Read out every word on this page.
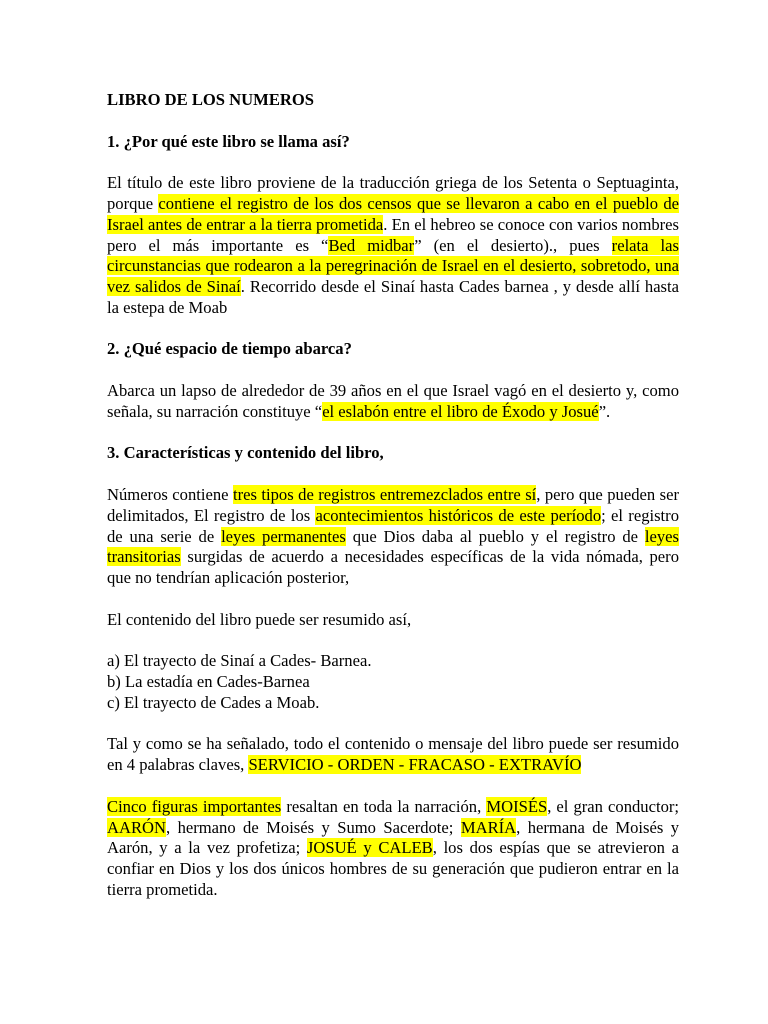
LIBRO DE LOS NUMEROS
1. ¿Por qué este libro se llama así?
El título de este libro proviene de la traducción griega de los Setenta o Septuaginta, porque contiene el registro de los dos censos que se llevaron a cabo en el pueblo de Israel antes de entrar a la tierra prometida. En el hebreo se conoce con varios nombres pero el más importante es “Bed midbar” (en el desierto)., pues relata las circunstancias que rodearon a la peregrinación de Israel en el desierto, sobretodo, una vez salidos de Sinaí. Recorrido desde el Sinaí hasta Cades barnea , y desde allí hasta la estepa de Moab
2. ¿Qué espacio de tiempo abarca?
Abarca un lapso de alrededor de 39 años en el que Israel vagó en el desierto y, como señala, su narración constituye “el eslabón entre el libro de Éxodo y Josué”.
3. Características y contenido del libro,
Números contiene tres tipos de registros entremezclados entre sí, pero que pueden ser delimitados, El registro de los acontecimientos históricos de este período; el registro de una serie de leyes permanentes que Dios daba al pueblo y el registro de leyes transitorias surgidas de acuerdo a necesidades específicas de la vida nómada, pero que no tendrían aplicación posterior,
El contenido del libro puede ser resumido así,
a) El trayecto de Sinaí a Cades- Barnea.
b) La estadía en Cades-Barnea
c) El trayecto de Cades a Moab.
Tal y como se ha señalado, todo el contenido o mensaje del libro puede ser resumido en 4 palabras claves, SERVICIO - ORDEN - FRACASO - EXTRAVÍO
Cinco figuras importantes resaltan en toda la narración, MOISÉS, el gran conductor; AARÓN, hermano de Moisés y Sumo Sacerdote; MARÍA, hermana de Moisés y Aarón, y a la vez profetiza; JOSUÉ y CALEB, los dos espías que se atrevieron a confiar en Dios y los dos únicos hombres de su generación que pudieron entrar en la tierra prometida.
